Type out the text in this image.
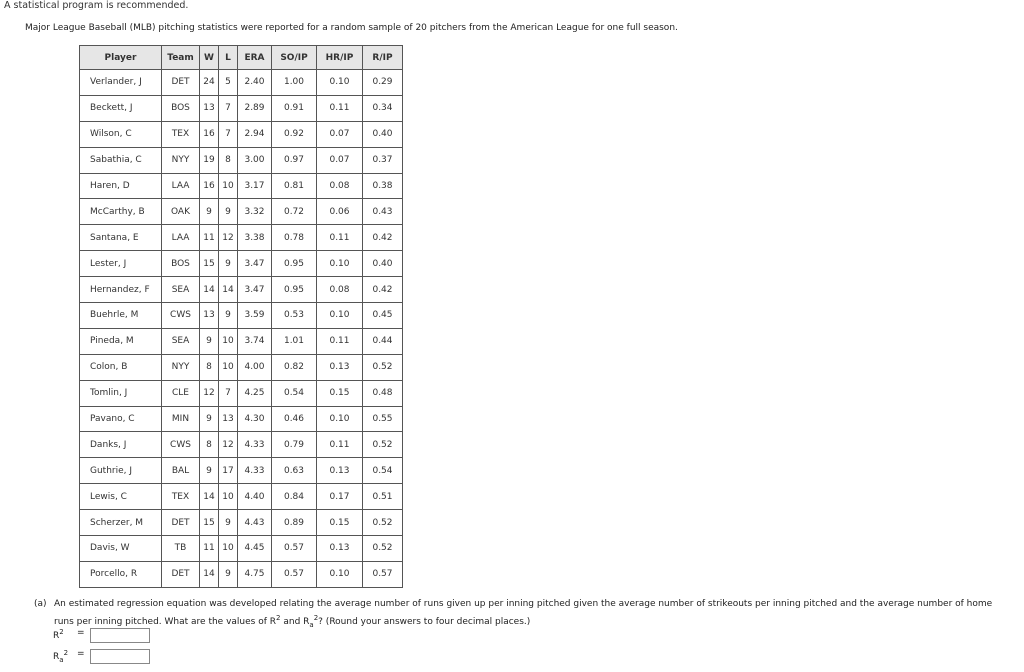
A statistical program is recommended.
Major League Baseball (MLB) pitching statistics were reported for a random sample of 20 pitchers from the American League for one full season.
Player	Team	W	L	ERA	SO/IP	HR/IP	R/IP
Verlander, J	DET	24	5	2.40	1.00	0.10	0.29
Beckett, J	BOS	13	7	2.89	0.91	0.11	0.34
Wilson, C	TEX	16	7	2.94	0.92	0.07	0.40
Sabathia, C	NYY	19	8	3.00	0.97	0.07	0.37
Haren, D	LAA	16	10	3.17	0.81	0.08	0.38
McCarthy, B	OAK	9	9	3.32	0.72	0.06	0.43
Santana, E	LAA	11	12	3.38	0.78	0.11	0.42
Lester, J	BOS	15	9	3.47	0.95	0.10	0.40
Hernandez, F	SEA	14	14	3.47	0.95	0.08	0.42
Buehrle, M	CWS	13	9	3.59	0.53	0.10	0.45
Pineda, M	SEA	9	10	3.74	1.01	0.11	0.44
Colon, B	NYY	8	10	4.00	0.82	0.13	0.52
Tomlin, J	CLE	12	7	4.25	0.54	0.15	0.48
Pavano, C	MIN	9	13	4.30	0.46	0.10	0.55
Danks, J	CWS	8	12	4.33	0.79	0.11	0.52
Guthrie, J	BAL	9	17	4.33	0.63	0.13	0.54
Lewis, C	TEX	14	10	4.40	0.84	0.17	0.51
Scherzer, M	DET	15	9	4.43	0.89	0.15	0.52
Davis, W	TB	11	10	4.45	0.57	0.13	0.52
Porcello, R	DET	14	9	4.75	0.57	0.10	0.57
(a) An estimated regression equation was developed relating the average number of runs given up per inning pitched given the average number of strikeouts per inning pitched and the average number of home runs per inning pitched. What are the values of $R^2$ and $R_a^2$? (Round your answers to four decimal places.)
$R^2$ =
$R_a^2$ =
